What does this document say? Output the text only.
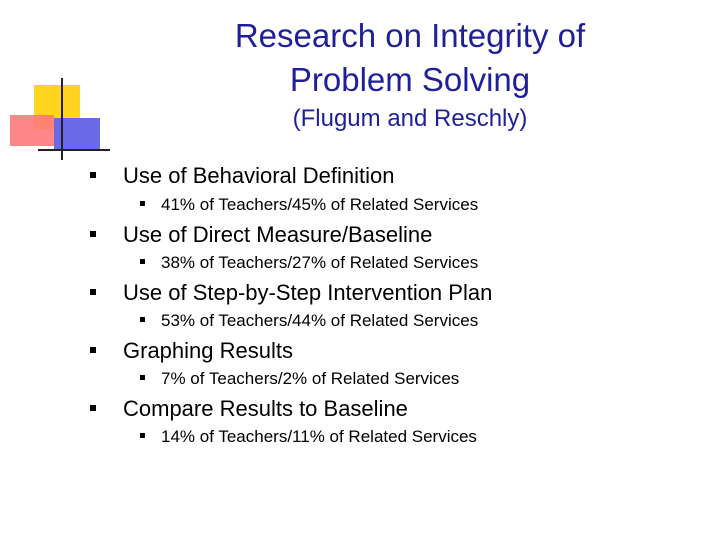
Research on Integrity of
Problem Solving
(Flugum and Reschly)
Use of Behavioral Definition
41% of Teachers/45% of Related Services
Use of Direct Measure/Baseline
38% of Teachers/27% of Related Services
Use of Step-by-Step Intervention Plan
53% of Teachers/44% of Related Services
Graphing Results
7% of Teachers/2% of Related Services
Compare Results to Baseline
14% of Teachers/11% of Related Services
